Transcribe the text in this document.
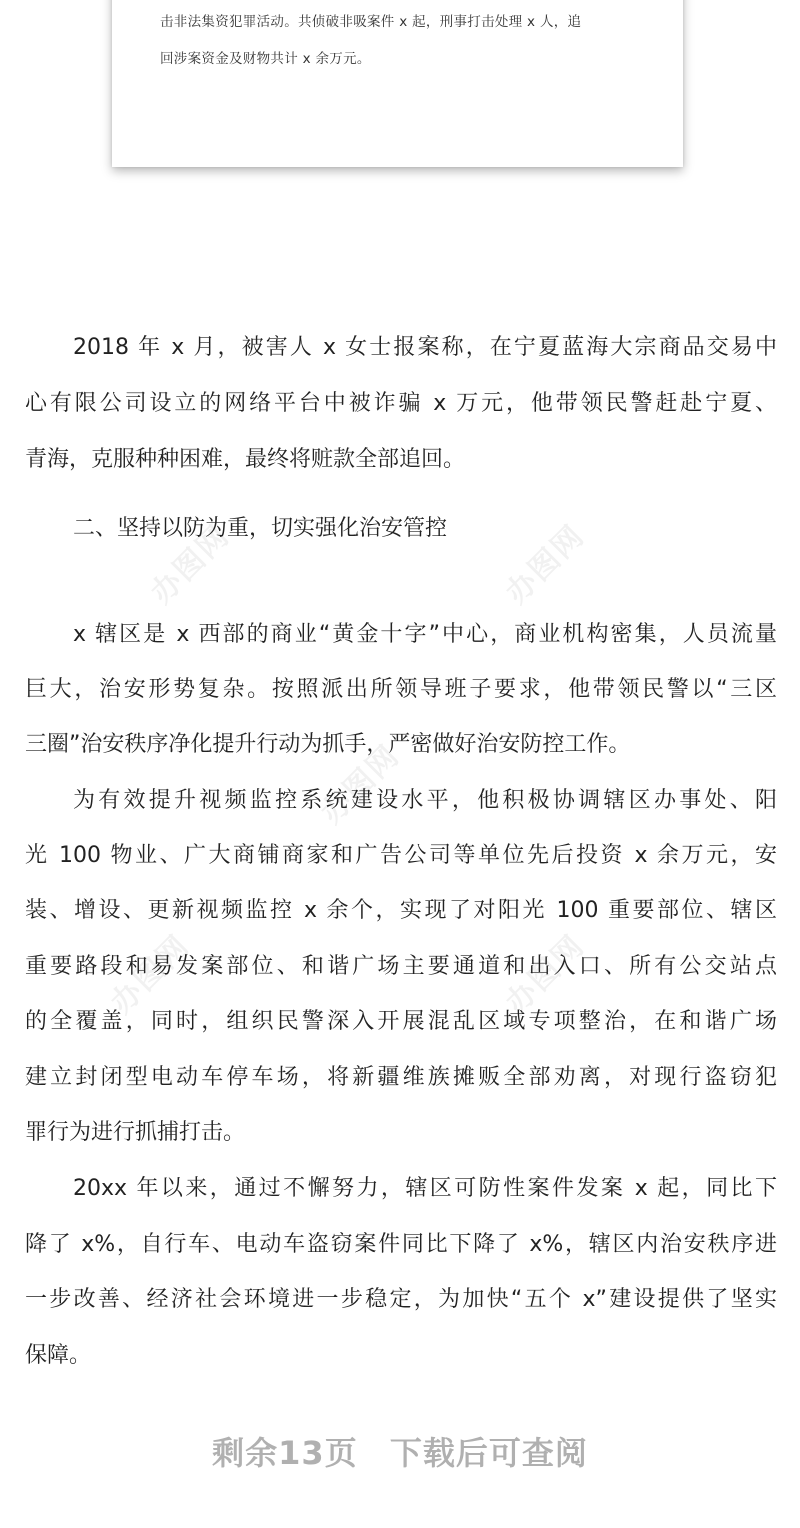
击非法集资犯罪活动。共侦破非吸案件 x 起，刑事打击处理 x 人，追
回涉案资金及财物共计 x 余万元。
办图网	办图网
办图网
办图网	办图网
2018 年 x 月，被害人 x 女士报案称，在宁夏蓝海大宗商品交易中
心有限公司设立的网络平台中被诈骗 x 万元，他带领民警赶赴宁夏、
青海，克服种种困难，最终将赃款全部追回。
二、坚持以防为重，切实强化治安管控
x 辖区是 x 西部的商业“黄金十字”中心，商业机构密集，人员流量
巨大，治安形势复杂。按照派出所领导班子要求，他带领民警以“三区
三圈”治安秩序净化提升行动为抓手，严密做好治安防控工作。
为有效提升视频监控系统建设水平，他积极协调辖区办事处、阳
光 100 物业、广大商铺商家和广告公司等单位先后投资 x 余万元，安
装、增设、更新视频监控 x 余个，实现了对阳光 100 重要部位、辖区
重要路段和易发案部位、和谐广场主要通道和出入口、所有公交站点
的全覆盖，同时，组织民警深入开展混乱区域专项整治，在和谐广场
建立封闭型电动车停车场，将新疆维族摊贩全部劝离，对现行盗窃犯
罪行为进行抓捕打击。
20xx 年以来，通过不懈努力，辖区可防性案件发案 x 起，同比下
降了 x%，自行车、电动车盗窃案件同比下降了 x%，辖区内治安秩序进
一步改善、经济社会环境进一步稳定，为加快“五个 x”建设提供了坚实
保障。
剩余13页 下载后可查阅
